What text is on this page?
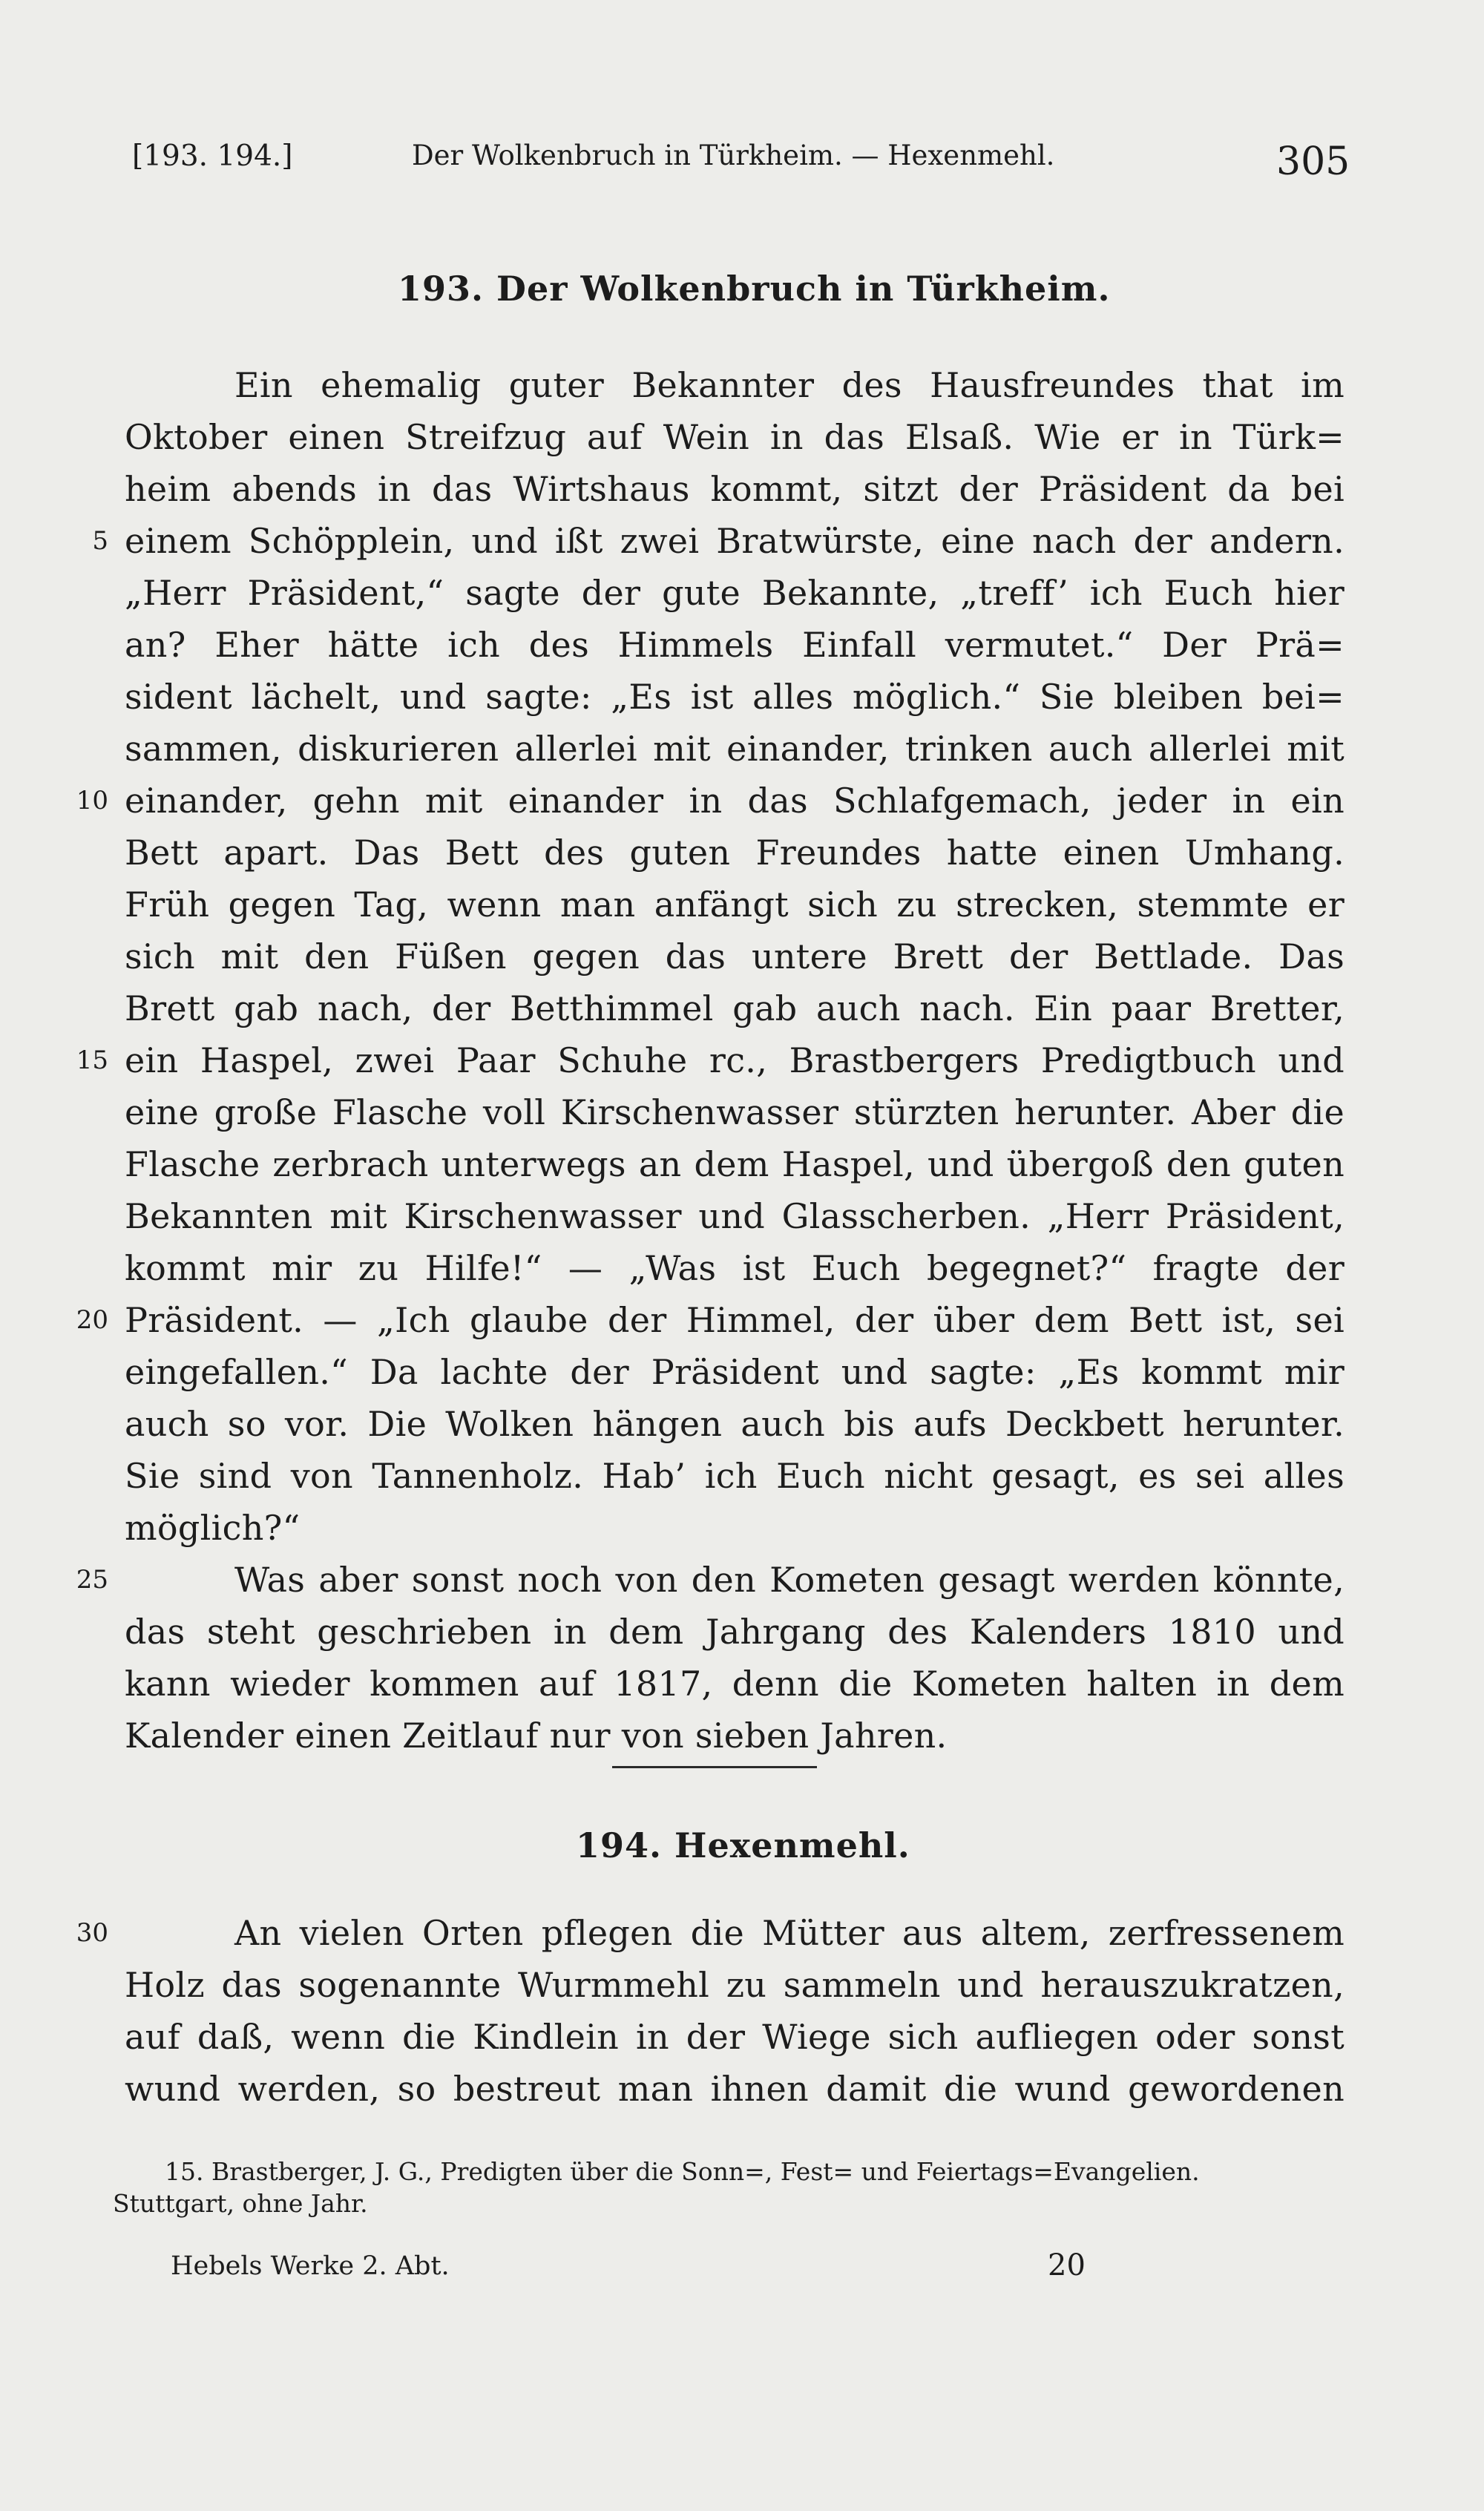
[193. 194.]	Der Wolkenbruch in Türkheim. — Hexenmehl.	305
193. Der Wolkenbruch in Türkheim.
Ein ehemalig guter Bekannter des Hausfreundes that im
Oktober einen Streifzug auf Wein in das Elsaß. Wie er in Türk=
heim abends in das Wirtshaus kommt, sitzt der Präsident da bei
einem Schöpplein, und ißt zwei Bratwürste, eine nach der andern.
„Herr Präsident,“ sagte der gute Bekannte, „treff’ ich Euch hier
an? Eher hätte ich des Himmels Einfall vermutet.“ Der Prä=
sident lächelt, und sagte: „Es ist alles möglich.“ Sie bleiben bei=
sammen, diskurieren allerlei mit einander, trinken auch allerlei mit
einander, gehn mit einander in das Schlafgemach, jeder in ein
Bett apart. Das Bett des guten Freundes hatte einen Umhang.
Früh gegen Tag, wenn man anfängt sich zu strecken, stemmte er
sich mit den Füßen gegen das untere Brett der Bettlade. Das
Brett gab nach, der Betthimmel gab auch nach. Ein paar Bretter,
ein Haspel, zwei Paar Schuhe rc., Brastbergers Predigtbuch und
eine große Flasche voll Kirschenwasser stürzten herunter. Aber die
Flasche zerbrach unterwegs an dem Haspel, und übergoß den guten
Bekannten mit Kirschenwasser und Glasscherben. „Herr Präsident,
kommt mir zu Hilfe!“ — „Was ist Euch begegnet?“ fragte der
Präsident. — „Ich glaube der Himmel, der über dem Bett ist, sei
eingefallen.“ Da lachte der Präsident und sagte: „Es kommt mir
auch so vor. Die Wolken hängen auch bis aufs Deckbett herunter.
Sie sind von Tannenholz. Hab’ ich Euch nicht gesagt, es sei alles
möglich?“
Was aber sonst noch von den Kometen gesagt werden könnte,
das steht geschrieben in dem Jahrgang des Kalenders 1810 und
kann wieder kommen auf 1817, denn die Kometen halten in dem
Kalender einen Zeitlauf nur von sieben Jahren.
194. Hexenmehl.
An vielen Orten pflegen die Mütter aus altem, zerfressenem
Holz das sogenannte Wurmmehl zu sammeln und herauszukratzen,
auf daß, wenn die Kindlein in der Wiege sich aufliegen oder sonst
wund werden, so bestreut man ihnen damit die wund gewordenen
5
10
15
20
25
30
15. Brastberger, J. G., Predigten über die Sonn=, Fest= und Feiertags=Evangelien.
Stuttgart, ohne Jahr.
Hebels Werke 2. Abt.	20
